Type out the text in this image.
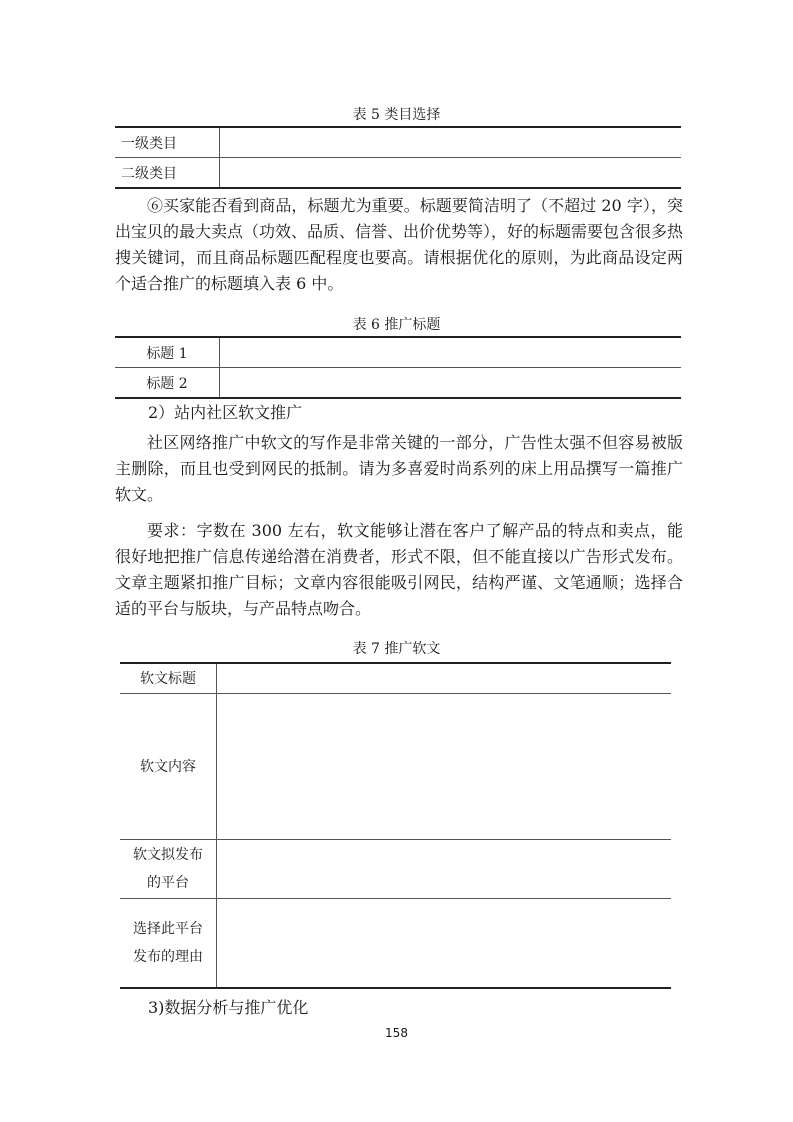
表 5 类目选择
一级类目	
二级类目	

⑥买家能否看到商品，标题尤为重要。标题要简洁明了（不超过 20 字），突出宝贝的最大卖点（功效、品质、信誉、出价优势等），好的标题需要包含很多热搜关键词，而且商品标题匹配程度也要高。请根据优化的原则，为此商品设定两个适合推广的标题填入表 6 中。

表 6 推广标题
标题 1	
标题 2	
2）站内社区软文推广

社区网络推广中软文的写作是非常关键的一部分，广告性太强不但容易被版主删除，而且也受到网民的抵制。请为多喜爱时尚系列的床上用品撰写一篇推广软文。

要求：字数在 300 左右，软文能够让潜在客户了解产品的特点和卖点，能很好地把推广信息传递给潜在消费者，形式不限，但不能直接以广告形式发布。文章主题紧扣推广目标；文章内容很能吸引网民，结构严谨、文笔通顺；选择合适的平台与版块，与产品特点吻合。

表 7 推广软文
软文标题	

软文内容	

软文拟发布
的平台	

选择此平台
发布的理由	

3)数据分析与推广优化
158
